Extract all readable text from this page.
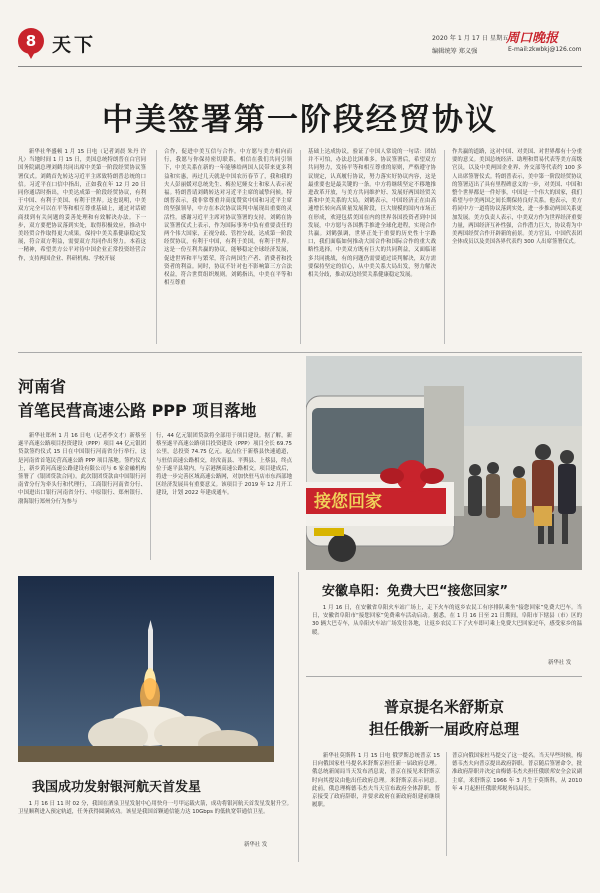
8 天下	2020 年 1 月 17 日 星期五
编辑统筹 郑义强
周口晚报
E-mail:zkwbkj@126.com
中美签署第一阶段经贸协议

新华社华盛顿 1 月 15 日电（记者刘晨 朱丹 许凡）当地时间 1 月 15 日，美国总统特朗普在白宫同国务院副总理刘鹤共同出席中美第一阶段经贸协议签署仪式。刘鹤首先转达习近平主席致特朗普总统的口信。习近平在口信中指出，正如我在年 12 月 20 日同你通话时指出，中美达成第一阶段经贸协议，有利于中国、有利于美国、有利于世界。这也说明，中美双方完全可以在平等和相互尊重基础上，通过对话磋商找到有关问题的妥善处理和有效解决办法。下一步，双方要把协议落到实处，取得积极效应，推动中美经贸合作取得更大成果。保持中美关系健康稳定发展，符合双方利益，需要双方共同作出努力。本着这一精神，希望美方公平对待中国企业正常投资经营合作，支持两国企业、科研机构、学校开展

合作，促进中美互信与合作。中方愿与美方相向而行，我愿与你保持密切联系，相信在我们共同引领下，中美关系在新的一年能够给两国人民带来更多利益和实惠，再过几天就是中国农历春节了，我和我的夫人彭丽媛对总统先生、梅拉尼娅女士和家人表示祝福。特朗普请刘鹤转达对习近平主席的诚挚问候。特朗普表示，我非常尊重并高度赞赏中国和习近平主席的坚强领导，中方在本次协议谈判中展现出重要的灵活性。感谢习近平主席对协议签署的支持。刘鹤在协议签署仪式上表示，作为国际事务中负有重要责任的两个伟大国家，正视分歧、管控分歧，达成第一阶段经贸协议，有利于中国，有利于美国，有利于世界。这是一份互利共赢的协议，能够稳定全球经济发展，促进世界和平与繁荣，符合两国生产者、消费者和投资者的利益。同时，协议不针对也不影响第三方合法权益，符合世贸组织规则。刘鹤指出，中美在平等和相互尊重

基础上达成协议，验证了中国人常说的一句话：团结并不可怕，办法总比困难多。协议签署后，希望双方共同努力，发扬平等和相互尊重的原则，严格遵守协议规定，认真履行协议，努力落实好协议内容，这是最重要也是最关键的一条。中方将继续坚定不移地推进改革开放，与美方共同维护好、发展好两国经贸关系和中美关系的大局。刘鹤表示，中国经济正在由高速增长转向高质量发展阶段，巨大规模的国内市场正在形成，欢迎包括美国在内的世界各国投资者到中国发展，中方愿与各国携手推进全球化进程，实现合作共赢。刘鹤强调，世界正处于重要的历史性十字路口，我们面临如何推动大国合作和国际合作的重大战略性选择。中美双方既有巨大的共同利益，又面临诸多共同挑战，有的问题仍需要通过谈判解决，双方需要保持坚定的信心，从中美关系大局出发，努力解决相关分歧，推动双边经贸关系健康稳定发展。

作共赢的道路，这对中国、对美国、对世界都有十分重要的意义。美国总统经济、助理和贸易代表等美方高级官员，以及中美两国企业界、外交部等代表约 100 多人出席签署仪式。特朗普表示，美中第一阶段经贸协议的签署迈出了具有里程碑意义的一步，对美国、中国和整个世界都是一件好事，中国是一个伟大的国家，我们希望与中美两国之间长期保持良好关系。他表示，美方将同中方一道将协议落到实处，进一步推动两国关系更加发展。美方负责人表示，中美双方作为世界经济重要力量，两国经济互补性强，合作潜力巨大，协议将为中美两国经贸合作开辟新的前景。美方官员、中国代表团全体成员以及美国各界代表约 300 人出席签署仪式。

河南省
首笔民营高速公路 PPP 项目落地

新华社郑州 1 月 16 日电（记者李文才）新蔡至遂平高速公路项目投资建设（PPP）项目 44 亿元银团贷款签约仪式 15 日在中国银行河南省分行举行，这是河南省首笔民营高速公路 PPP 项目落地。签约仪式上，新乡黄河高速公路建设有限公司与 6 家金融机构签署了《银团贷款合同》。此次银团贷款由中国银行河南省分行为牵头行和代理行，工商银行河南省分行、中国进出口银行河南省分行、中原银行、郑州银行、渤海银行郑州分行为参与

行，44 亿元银团贷款将全部用于项目建设。据了解，新蔡至遂平高速公路项目投资建设（PPP）项目全长 69.75 公里，总投资 74.75 亿元。起点位于新蔡县快速通道，与驻信高速公路相交，经汝南县、平舆县、上蔡县，终点位于遂平县境内，与京港澳高速公路相交。项目建成后，将进一步完善区域高速公路网，对加快驻马店市东西部地区经济发展具有重要意义。该项目于 2019 年 12 月开工建设，计划 2022 年建成通车。	接您回家
安徽阜阳：免费大巴“接您回家”

1 月 16 日，在安徽省阜阳火车站广场上，走下火车的返乡农民工有序排队乘坐“接您回家”免费大巴车。当日，安徽省阜阳市“接您回家”免费乘车活动启动。据悉，在 1 月 16 日至 21 日期间，阜阳市下辖县（市）区的 30 辆大巴专车，从阜阳火车站广场发往各地，让返乡农民工下了火车即可乘上免费大巴回家过年，感受家乡的温暖。

新华社 发
我国成功发射银河航天首发星

1 月 16 日 11 时 02 分，我国在酒泉卫星发射中心用快舟一号甲运载火箭，成功将银河航天首发星发射升空。卫星顺利进入预定轨道，任务获得圆满成功。该星是我国首颗通信能力达 10Gbps 的低轨宽带通信卫星。

新华社 发
普京提名米舒斯京
担任俄新一届政府总理

新华社莫斯科 1 月 15 日电 俄罗斯总统普京 15 日向俄国家杜马提名米舒斯京担任新一届政府总理。俄总统新闻局当天发布消息说，普京在接见米舒斯京时向其提议由他出任政府总理。米舒斯京表示同意。此前，俄总理梅德韦杰夫当天宣布政府全体辞职，普京接受了政府辞职，并要求政府在新政府组建前继续履职。

普京向俄国家杜马提交了这一提名。当天早些时候，梅德韦杰夫向普京提出政府辞职。普京随后签署命令，批准政府辞职并决定由梅德韦杰夫担任俄联邦安全会议副主席。米舒斯京 1966 年 3 月生于莫斯科，从 2010 年 4 月起担任俄联邦税务局局长。
